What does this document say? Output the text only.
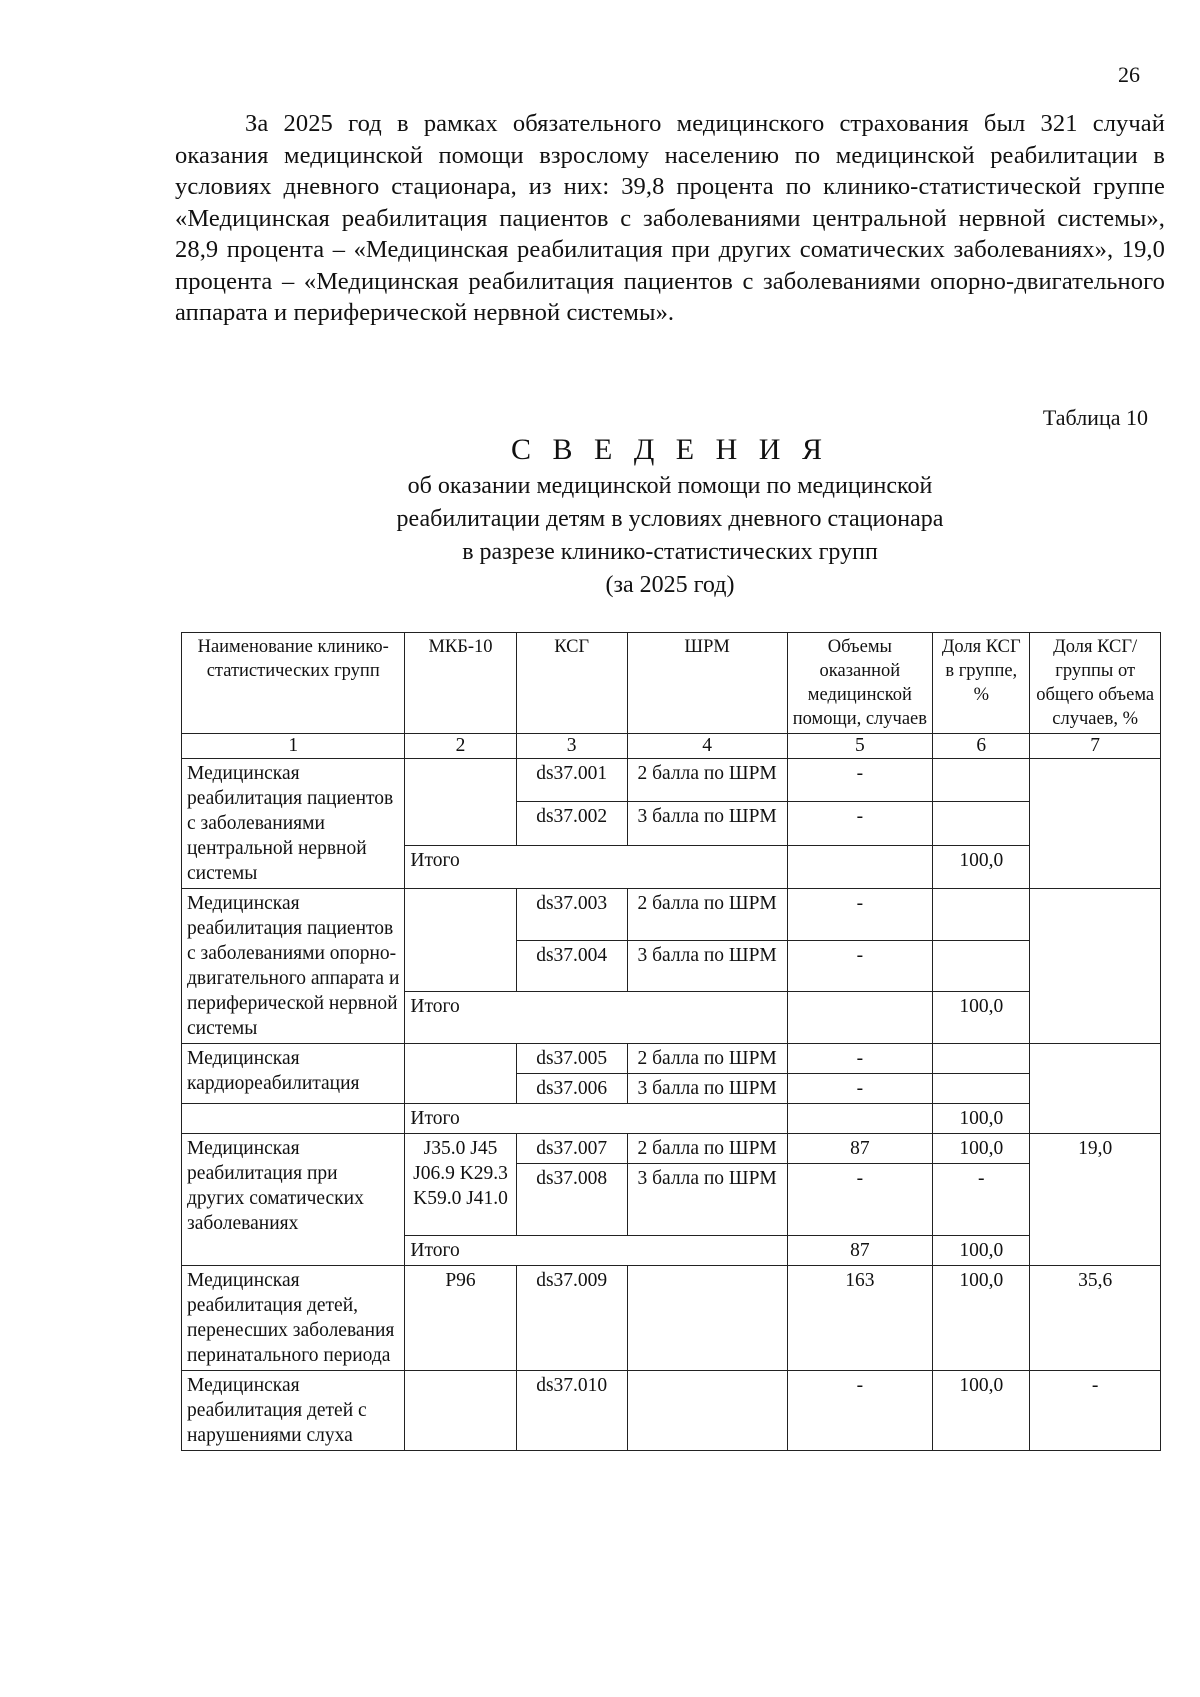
26

За 2025 год в рамках обязательного медицинского страхования был 321 случай оказания медицинской помощи взрослому населению по медицинской реабилитации в условиях дневного стационара, из них: 39,8 процента по клинико-статистической группе «Медицинская реабилитация пациентов с заболеваниями центральной нервной системы», 28,9 процента – «Медицинская реабилитация при других соматических заболеваниях», 19,0 процента – «Медицинская реабилитация пациентов с заболеваниями опорно-двигательного аппарата и периферической нервной системы».

Таблица 10
С В Е Д Е Н И Я
об оказании медицинской помощи по медицинской
реабилитации детям в условиях дневного стационара
в разрезе клинико-статистических групп
(за 2025 год)
Наименование клинико-статистических групп	МКБ-10	КСГ	ШРМ	Объемы оказанной медицинской помощи, случаев	Доля КСГ в группе, %	Доля КСГ/группы от общего объема случаев, %
1	2	3	4	5	6	7
Медицинская реабилитация пациентов с заболеваниями центральной нервной системы		ds37.001	2 балла по ШРМ	-		
		ds37.002	3 балла по ШРМ	-		
	Итого				100,0	
Медицинская реабилитация пациентов с заболеваниями опорно-двигательного аппарата и периферической нервной системы		ds37.003	2 балла по ШРМ	-		
		ds37.004	3 балла по ШРМ	-		
	Итого				100,0	
Медицинская кардиореабилитация		ds37.005	2 балла по ШРМ	-		
		ds37.006	3 балла по ШРМ	-		
	Итого				100,0	
Медицинская реабилитация при других соматических заболеваниях	J35.0 J45 J06.9 K29.3 K59.0 J41.0	ds37.007	2 балла по ШРМ	87	100,0	19,0
		ds37.008	3 балла по ШРМ	-	-	
	Итого			87	100,0	
Медицинская реабилитация детей, перенесших заболевания перинатального периода	P96	ds37.009		163	100,0	35,6
Медицинская реабилитация детей с нарушениями слуха		ds37.010		-	100,0	-
